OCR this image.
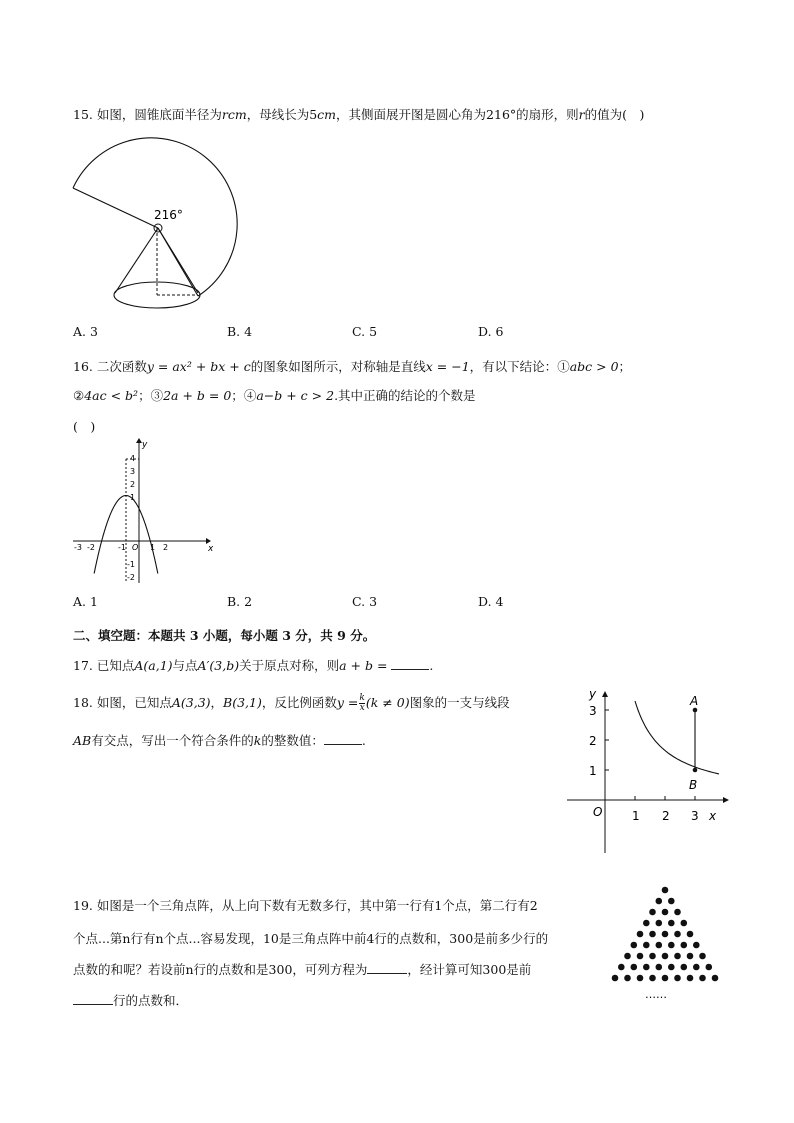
15. 如图，圆锥底面半径为rcm，母线长为5cm，其侧面展开图是圆心角为216°的扇形，则r的值为(　)
216°
A. 3	B. 4	C. 5	D. 6
16. 二次函数y = ax² + bx + c的图象如图所示，对称轴是直线x = −1，有以下结论：①abc > 0；
②4ac < b²；③2a + b = 0；④a−b + c > 2.其中正确的结论的个数是
(　)
x
y
-3 -2	-1 O 1 2
4
3
2
1
-1
-2
A. 1	B. 2	C. 3	D. 4
二、填空题：本题共 3 小题，每小题 3 分，共 9 分。
17. 已知点A(a,1)与点A′(3,b)关于原点对称，则a + b =	.
18. 如图，已知点A(3,3)，B(3,1)，反比例函数$y = \frac{k}{x} (k \ne 0)$图象的一支与线段
AB有交点，写出一个符合条件的k的整数值：	.
y
x
O 1 2 3
1
2
3
A
B
19. 如图是一个三角点阵，从上向下数有无数多行，其中第一行有1个点，第二行有2
个点...第n行有n个点...容易发现，10是三角点阵中前4行的点数和，300是前多少行的
点数的和呢？若设前n行的点数和是300，可列方程为	，经计算可知300是前
行的点数和．	……
